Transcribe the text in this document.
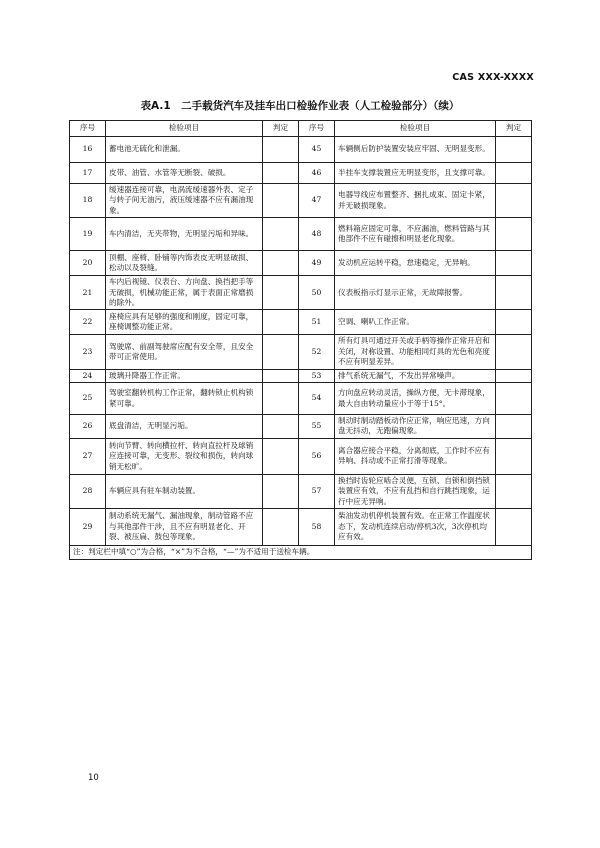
CAS XXX-XXXX
表A.1　二手载货汽车及挂车出口检验作业表（人工检验部分）（续）
序号	检验项目	判定	序号	检验项目	判定
16	蓄电池无硫化和泄漏。		45	车辆侧后防护装置安装应牢固、无明显变形。	
17	皮带、油管、水管等无断裂、破损。		46	半挂车支撑装置应无明显变形，且支撑可靠。	
18	缓速器连接可靠，电涡流缓速器外表、定子与转子间无油污，液压缓速器不应有漏油现象。		47	电器导线应布置整齐、捆扎成束、固定卡紧，并无破损现象。	
19	车内清洁，无夹带物，无明显污垢和异味。		48	燃料箱应固定可靠，不应漏油，燃料管路与其他部件不应有碰擦和明显老化现象。	
20	顶棚、座椅、卧铺等内饰表皮无明显破损、松动以及裂缝。		49	发动机应运转平稳，怠速稳定，无异响。	
21	车内后视镜、仪表台、方向盘、换挡把手等无破损，机械功能正常，属于表面正常磨损的除外。		50	仪表板指示灯显示正常，无故障报警。	
22	座椅应具有足够的强度和刚度，固定可靠，座椅调整功能正常。		51	空调、喇叭工作正常。	
23	驾驶席、前副驾驶席应配有安全带，且安全带可正常使用。		52	所有灯具可通过开关或手柄等操作正常开启和关闭，对称设置、功能相同灯具的光色和亮度不应有明显差异。	
24	玻璃升降器工作正常。		53	排气系统无漏气，不发出异常噪声。	
25	驾驶室翻转机构工作正常，翻转锁止机构锁紧可靠。		54	方向盘应转动灵活，操纵方便，无卡滞现象，最大自由转动量应小于等于15°。	
26	底盘清洁，无明显污垢。		55	制动时制动踏板动作应正常，响应迅速，方向盘无抖动，无跑偏现象。	
27	转向节臂、转向横拉杆、转向直拉杆及球销应连接可靠，无变形、裂纹和损伤，转向球销无松旷。		56	离合器应接合平稳，分离彻底，工作时不应有异响、抖动或不正常打滑等现象。	
28	车辆应具有驻车制动装置。		57	换挡时齿轮应啮合灵便，互锁、自锁和倒挡锁装置应有效，不应有乱挡和自行跳挡现象，运行中应无异响。	
29	制动系统无漏气、漏油现象，制动管路不应与其他部件干涉，且不应有明显老化、开裂、被压扁、鼓包等现象。		58	柴油发动机停机装置有效。在正常工作温度状态下，发动机连续启动/停机3次，3次停机均应有效。	
注：判定栏中填“○”为合格，“×”为不合格，“—”为不适用于送检车辆。					
10
